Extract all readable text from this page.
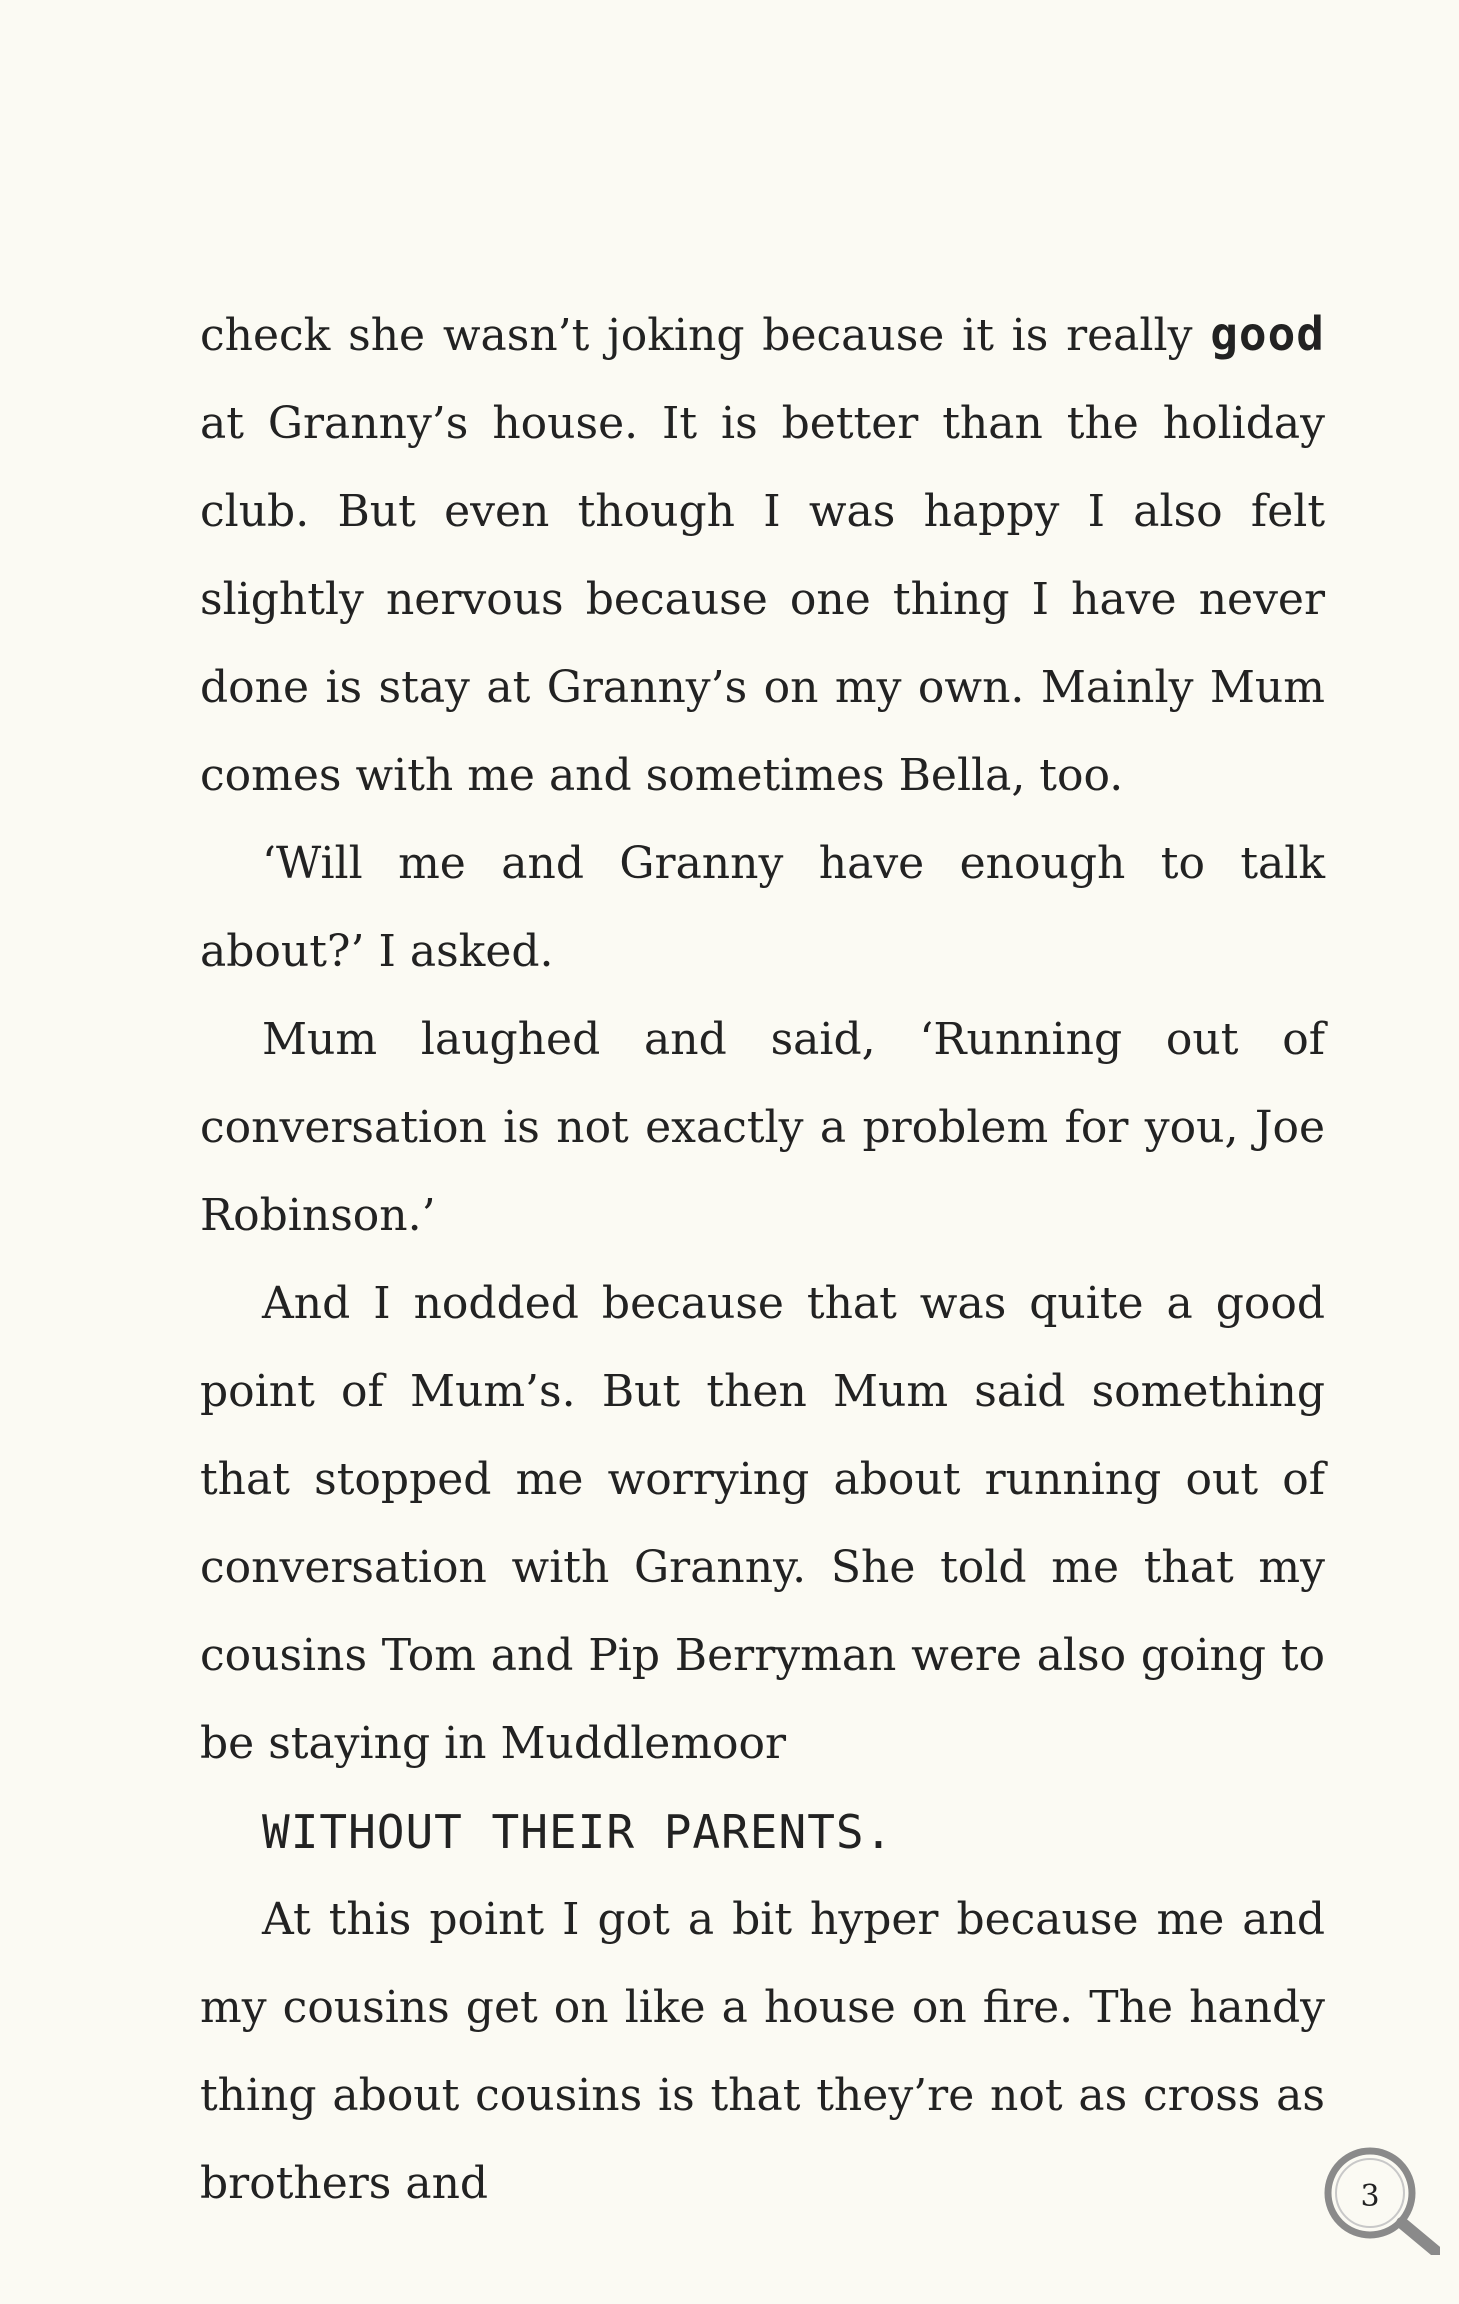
check she wasn’t joking because it is really good at Granny’s house. It is better than the holiday club. But even though I was happy I also felt slightly nervous because one thing I have never done is stay at Granny’s on my own. Mainly Mum comes with me and sometimes Bella, too.

‘Will me and Granny have enough to talk about?’ I asked.

Mum laughed and said, ‘Running out of conversation is not exactly a problem for you, Joe Robinson.’

And I nodded because that was quite a good point of Mum’s. But then Mum said something that stopped me worrying about running out of conversation with Granny. She told me that my cousins Tom and Pip Berryman were also going to be staying in Muddlemoor
WITHOUT THEIR PARENTS.

At this point I got a bit hyper because me and my cousins get on like a house on fire. The handy thing about cousins is that they’re not as cross as brothers and	3
